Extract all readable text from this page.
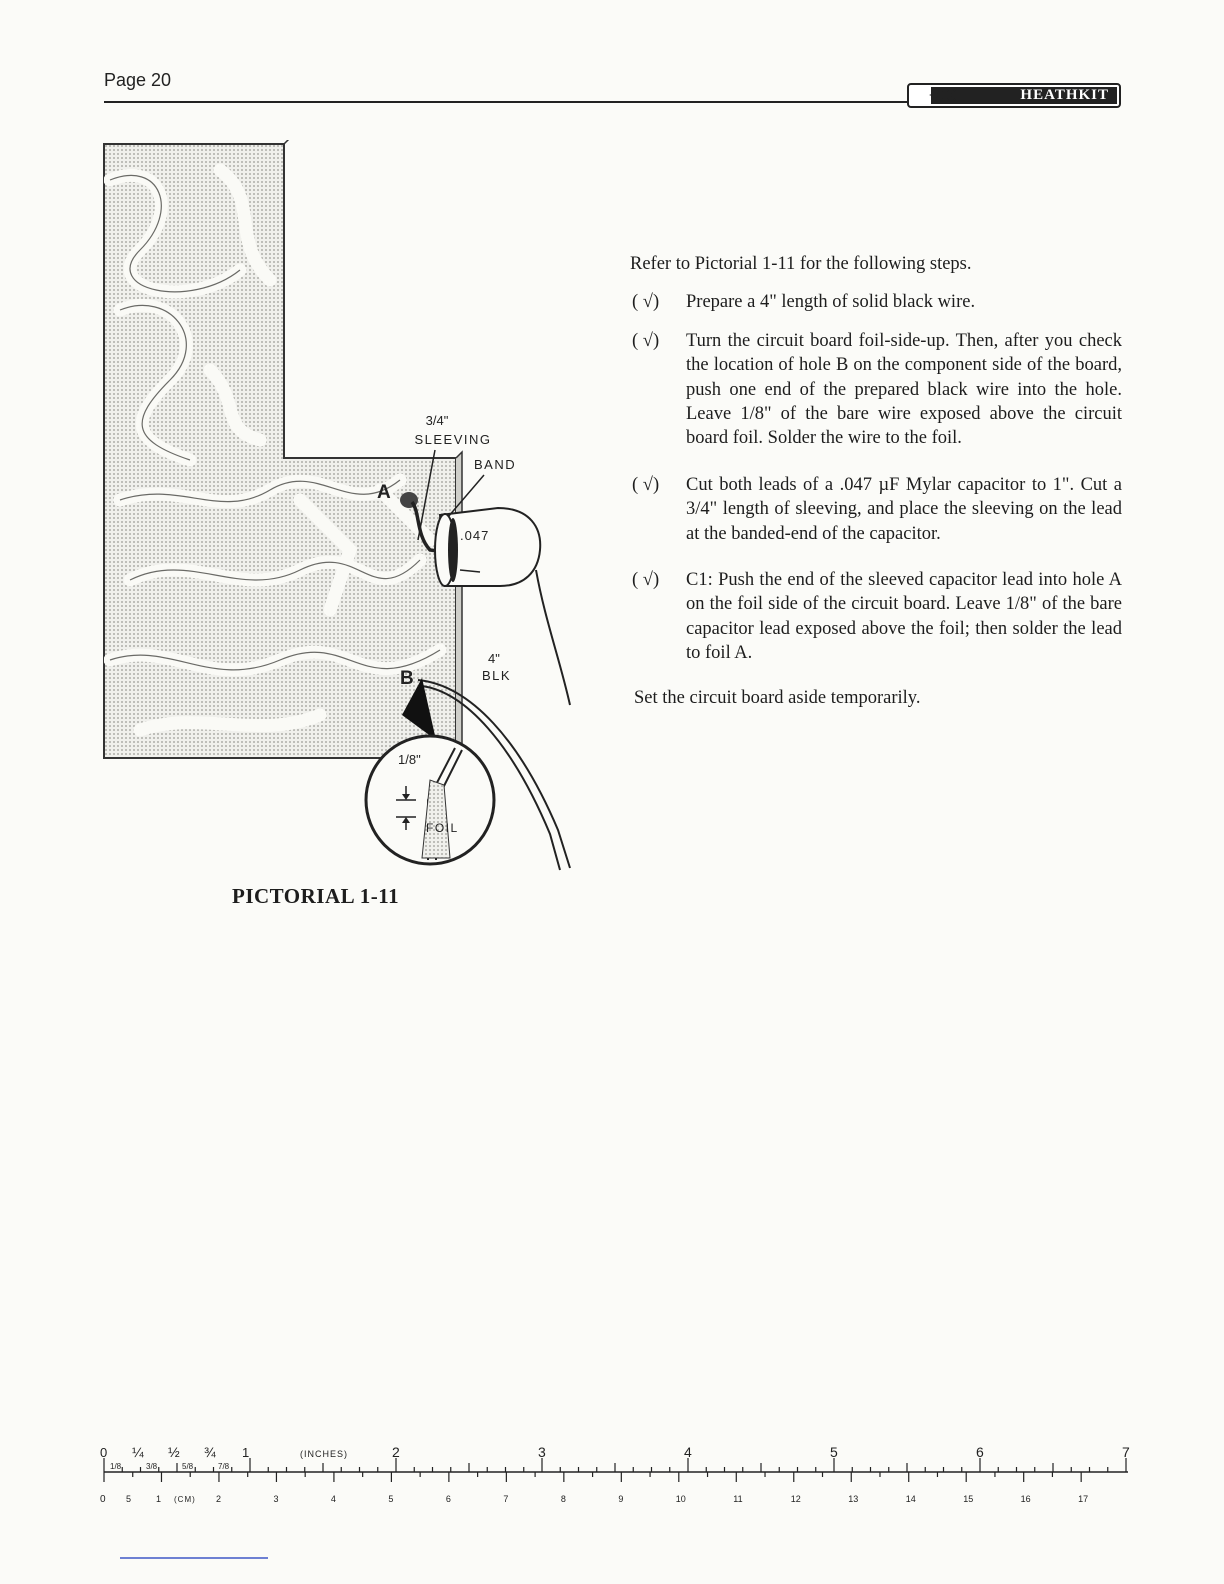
Page 20
HEATHKIT
3/4"
SLEEVING
BAND
A
.047
4"
BLK
B
1/8"
FOIL
PICTORIAL 1-11

Refer to Pictorial 1-11 for the following steps.

( √)	Prepare a 4" length of solid black wire.
( √)	Turn the circuit board foil-side-up. Then, after you check the location of hole B on the component side of the board, push one end of the prepared black wire into the hole. Leave 1/8" of the bare wire exposed above the circuit board foil. Solder the wire to the foil.
( √)	Cut both leads of a .047 µF Mylar capacitor to 1". Cut a 3/4" length of sleeving, and place the sleeving on the lead at the banded-end of the capacitor.
( √)	C1: Push the end of the sleeved capacitor lead into hole A on the foil side of the circuit board. Leave 1/8" of the bare capacitor lead exposed above the foil; then solder the lead to foil A.

Set the circuit board aside temporarily.

0 ¼ ½ ¾ 1
1/8	3/8	5/8	7/8
(INCHES)	2	3	4	5	6	7
0 5	1 (CM) 2	3	4	5	6	7	8	9	10	11	12	13	14	15	16	17
